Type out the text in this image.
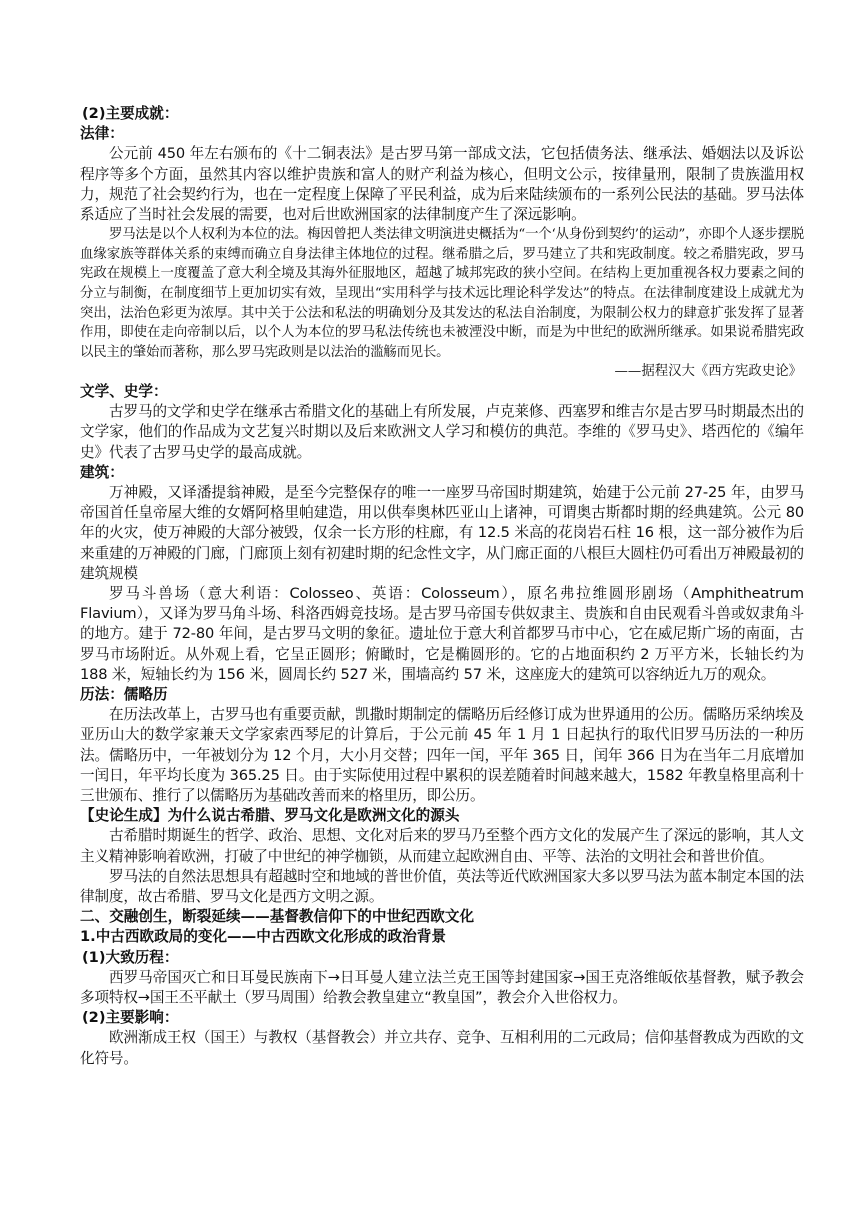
(2)主要成就：

法律：

公元前 450 年左右颁布的《十二铜表法》是古罗马第一部成文法，它包括债务法、继承法、婚姻法以及诉讼程序等多个方面，虽然其内容以维护贵族和富人的财产利益为核心，但明文公示，按律量刑，限制了贵族滥用权力，规范了社会契约行为，也在一定程度上保障了平民利益，成为后来陆续颁布的一系列公民法的基础。罗马法体系适应了当时社会发展的需要，也对后世欧洲国家的法律制度产生了深远影响。

罗马法是以个人权利为本位的法。梅因曾把人类法律文明演进史概括为“一个‘从身份到契约’的运动”，亦即个人逐步摆脱血缘家族等群体关系的束缚而确立自身法律主体地位的过程。继希腊之后，罗马建立了共和宪政制度。较之希腊宪政，罗马宪政在规模上一度覆盖了意大利全境及其海外征服地区，超越了城邦宪政的狭小空间。在结构上更加重视各权力要素之间的分立与制衡，在制度细节上更加切实有效，呈现出“实用科学与技术远比理论科学发达”的特点。在法律制度建设上成就尤为突出，法治色彩更为浓厚。其中关于公法和私法的明确划分及其发达的私法自治制度，为限制公权力的肆意扩张发挥了显著作用，即使在走向帝制以后，以个人为本位的罗马私法传统也未被湮没中断，而是为中世纪的欧洲所继承。如果说希腊宪政以民主的肇始而著称，那么罗马宪政则是以法治的滥觞而见长。

——据程汉大《西方宪政史论》

文学、史学：

古罗马的文学和史学在继承古希腊文化的基础上有所发展，卢克莱修、西塞罗和维吉尔是古罗马时期最杰出的文学家，他们的作品成为文艺复兴时期以及后来欧洲文人学习和模仿的典范。李维的《罗马史》、塔西佗的《编年史》代表了古罗马史学的最高成就。

建筑：

万神殿，又译潘提翁神殿，是至今完整保存的唯一一座罗马帝国时期建筑，始建于公元前 27-25 年，由罗马帝国首任皇帝屋大维的女婿阿格里帕建造，用以供奉奥林匹亚山上诸神，可谓奥古斯都时期的经典建筑。公元 80 年的火灾，使万神殿的大部分被毁，仅余一长方形的柱廊，有 12.5 米高的花岗岩石柱 16 根，这一部分被作为后来重建的万神殿的门廊，门廊顶上刻有初建时期的纪念性文字，从门廊正面的八根巨大圆柱仍可看出万神殿最初的建筑规模

罗马斗兽场（意大利语：Colosseo、英语：Colosseum），原名弗拉维圆形剧场（Amphitheatrum Flavium），又译为罗马角斗场、科洛西姆竞技场。是古罗马帝国专供奴隶主、贵族和自由民观看斗兽或奴隶角斗的地方。建于 72-80 年间，是古罗马文明的象征。遗址位于意大利首都罗马市中心，它在威尼斯广场的南面，古罗马市场附近。从外观上看，它呈正圆形；俯瞰时，它是椭圆形的。它的占地面积约 2 万平方米，长轴长约为 188 米，短轴长约为 156 米，圆周长约 527 米，围墙高约 57 米，这座庞大的建筑可以容纳近九万的观众。

历法：儒略历

在历法改革上，古罗马也有重要贡献，凯撒时期制定的儒略历后经修订成为世界通用的公历。儒略历采纳埃及亚历山大的数学家兼天文学家索西琴尼的计算后，于公元前 45 年 1 月 1 日起执行的取代旧罗马历法的一种历法。儒略历中，一年被划分为 12 个月，大小月交替；四年一闰，平年 365 日，闰年 366 日为在当年二月底增加一闰日，年平均长度为 365.25 日。由于实际使用过程中累积的误差随着时间越来越大，1582 年教皇格里高利十三世颁布、推行了以儒略历为基础改善而来的格里历，即公历。

【史论生成】为什么说古希腊、罗马文化是欧洲文化的源头

古希腊时期诞生的哲学、政治、思想、文化对后来的罗马乃至整个西方文化的发展产生了深远的影响，其人文主义精神影响着欧洲，打破了中世纪的神学枷锁，从而建立起欧洲自由、平等、法治的文明社会和普世价值。

罗马法的自然法思想具有超越时空和地域的普世价值，英法等近代欧洲国家大多以罗马法为蓝本制定本国的法律制度，故古希腊、罗马文化是西方文明之源。

二、交融创生，断裂延续——基督教信仰下的中世纪西欧文化

1.中古西欧政局的变化——中古西欧文化形成的政治背景

(1)大致历程：

西罗马帝国灭亡和日耳曼民族南下→日耳曼人建立法兰克王国等封建国家→国王克洛维皈依基督教，赋予教会多项特权→国王丕平献土（罗马周围）给教会教皇建立“教皇国”，教会介入世俗权力。

(2)主要影响：

欧洲渐成王权（国王）与教权（基督教会）并立共存、竞争、互相利用的二元政局；信仰基督教成为西欧的文化符号。
